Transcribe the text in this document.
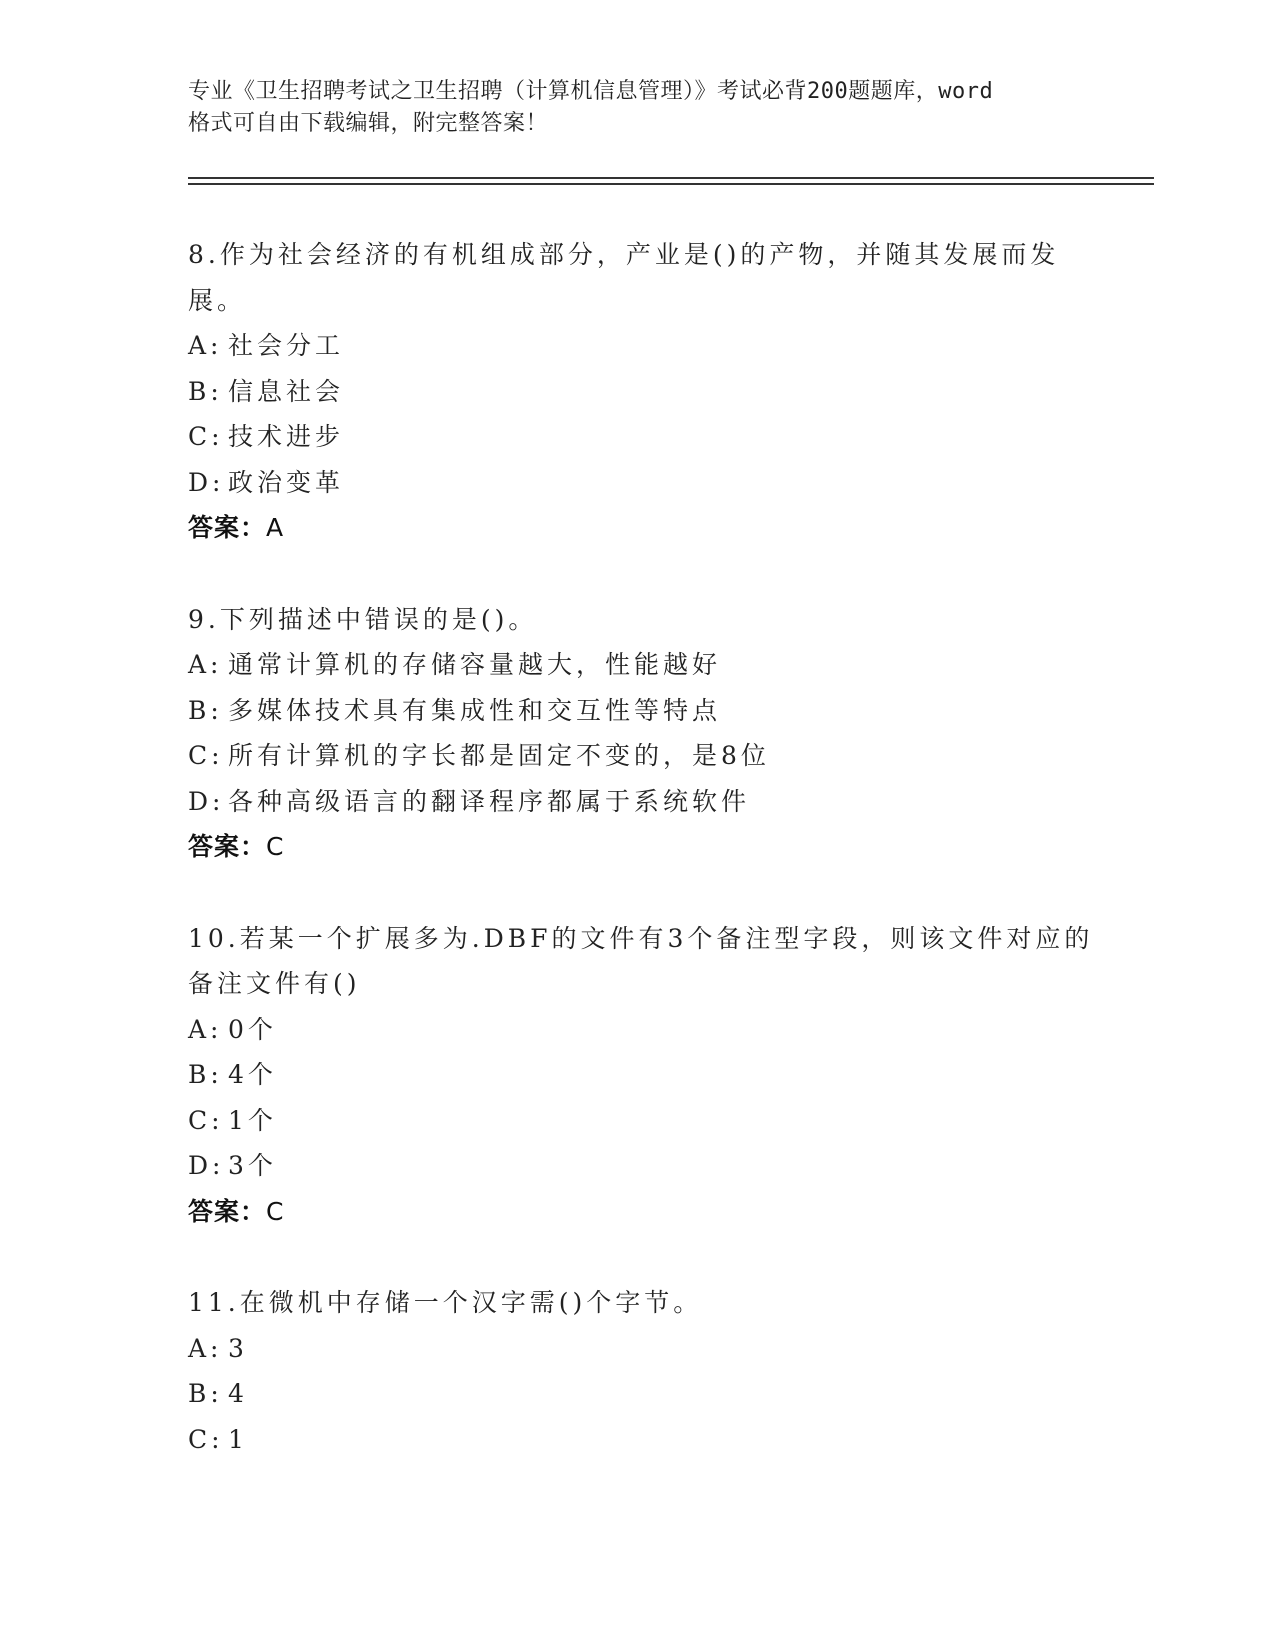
专业《卫生招聘考试之卫生招聘（计算机信息管理）》考试必背200题题库，word
格式可自由下载编辑，附完整答案！
8.作为社会经济的有机组成部分，产业是()的产物，并随其发展而发
展。
A: 社会分工
B: 信息社会
C: 技术进步
D: 政治变革
答案：A
9.下列描述中错误的是()。
A: 通常计算机的存储容量越大，性能越好
B: 多媒体技术具有集成性和交互性等特点
C: 所有计算机的字长都是固定不变的，是8位
D: 各种高级语言的翻译程序都属于系统软件
答案：C
10.若某一个扩展多为.DBF的文件有3个备注型字段，则该文件对应的
备注文件有()
A: 0个
B: 4个
C: 1个
D: 3个
答案：C
11.在微机中存储一个汉字需()个字节。
A: 3
B: 4
C: 1
